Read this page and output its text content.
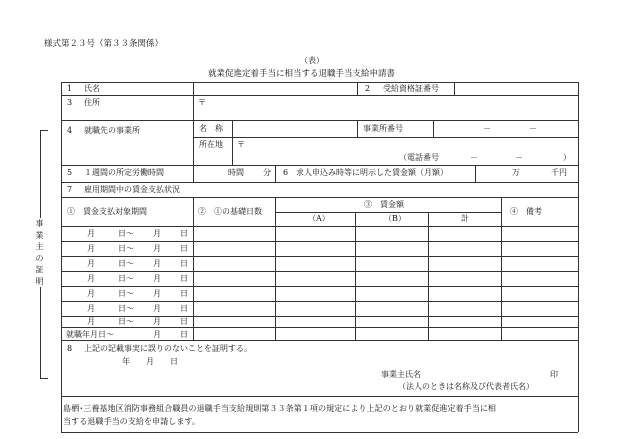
様式第２３号（第３３条関係）
（表）
就業促進定着手当に相当する退職手当支給申請書
事
業
主
の
証
明
1 氏名	2 受給資格証番号
3 住所	〒
4 就職先の事業所	名　称	事業所番号	－	－
所在地 〒
（電話番号	－	－	）
5 １週間の所定労働時間	時間 分 6 求人申込み時等に明示した賃金額（月額）	万	千円
7 雇用期間中の賃金支払状況
①　賃金支払対象期間	②　①の基礎日数
③　賃金額
（A）	（B）	計
④　備考
月	日～ 月 日
月	日～ 月 日
月	日～ 月 日
月	日～ 月 日
月	日～ 月 日
月	日～ 月 日
月	日～ 月 日
就職年月日～	月 日
8 上記の記載事実に誤りのないことを証明する。
年　　月　　日
事業主氏名	印
（法人のときは名称及び代表者氏名）
島栖･三養基地区消防事務組合職員の退職手当支給規則第３３条第１項の規定により上記のとおり就業促進定着手当に相
当する退職手当の支給を申請します。
